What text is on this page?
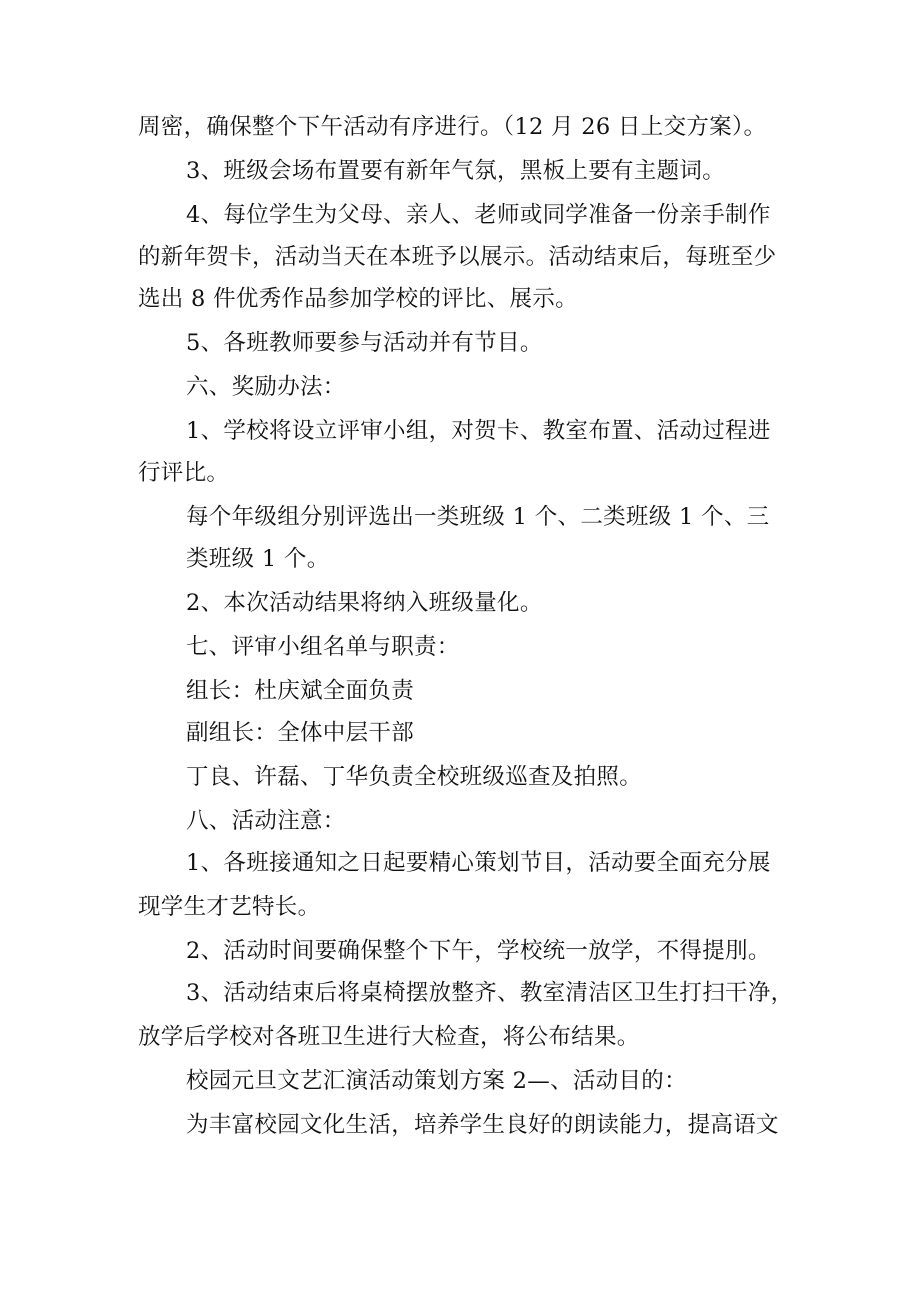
周密，确保整个下午活动有序进行。（12 月 26 日上交方案）。
3、班级会场布置要有新年气氛，黑板上要有主题词。
4、每位学生为父母、亲人、老师或同学准备一份亲手制作
的新年贺卡，活动当天在本班予以展示。活动结束后，每班至少
选出 8 件优秀作品参加学校的评比、展示。
5、各班教师要参与活动并有节目。
六、奖励办法：
1、学校将设立评审小组，对贺卡、教室布置、活动过程进
行评比。
每个年级组分别评选出一类班级 1 个、二类班级 1 个、三
类班级 1 个。
2、本次活动结果将纳入班级量化。
七、评审小组名单与职责：
组长：杜庆斌全面负责
副组长：全体中层干部
丁良、许磊、丁华负责全校班级巡查及拍照。
八、活动注意：
1、各班接通知之日起要精心策划节目，活动要全面充分展
现学生才艺特长。
2、活动时间要确保整个下午，学校统一放学，不得提刖。
3、活动结束后将桌椅摆放整齐、教室清洁区卫生打扫干净，
放学后学校对各班卫生进行大检查，将公布结果。
校园元旦文艺汇演活动策划方案 2—、活动目的：
为丰富校园文化生活，培养学生良好的朗读能力，提高语文
